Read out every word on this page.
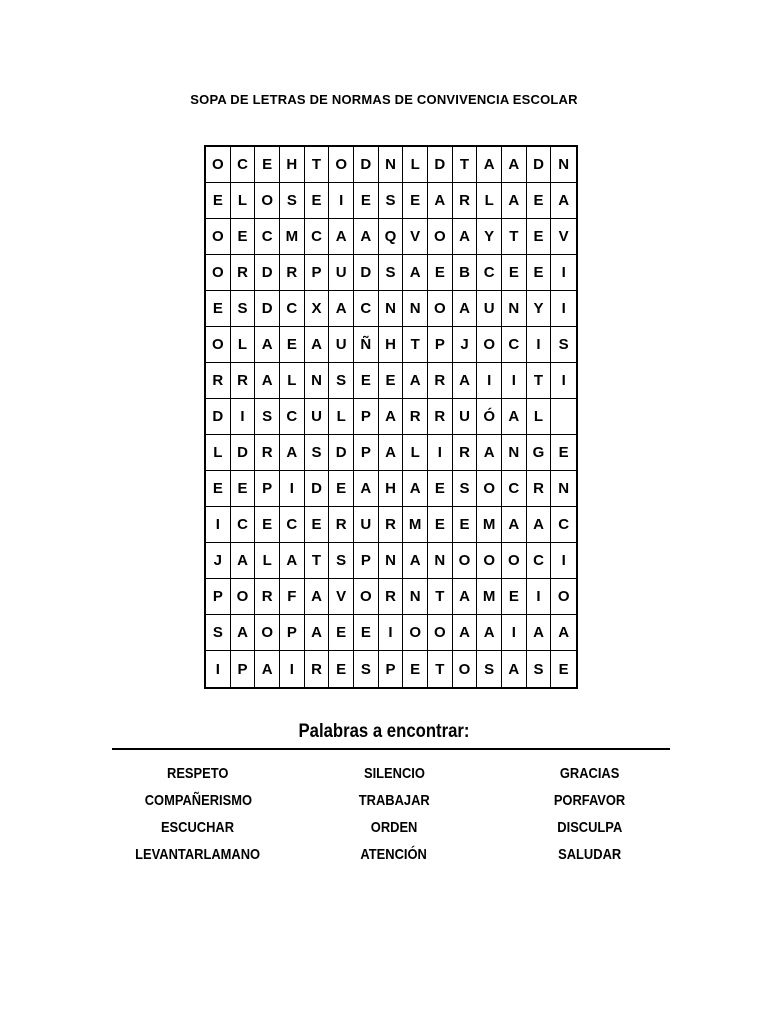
SOPA DE LETRAS DE NORMAS DE CONVIVENCIA ESCOLAR
O C E H T O D N L D T A A D N
E	L O S E	I	E S E A R L A E A
O E C M C A A Q V O A Y	T	E	V
O R D R P U D S A E B C E E	I
E S D C X A C N N O A U N Y	I
O L A E A U Ñ H T	P	J O C	I	S
R R A L N S E E A R A	I	I	T	I
D	I	S C U L	P A R R U Ó A L
L D R A S D P A L	I	R A N G E
E E P	I	D E A H A E S O C R N
I	C E C E R U R M E E M A A C
J	A L A T	S P N A N O O O C	I
P O R F A V O R N T A M E	I	O
S A O P A E E	I	O O A A	I	A A
I	P A	I	R E S P E	T O S A S	E
Palabras a encontrar:
RESPETO
COMPAÑERISMO
ESCUCHAR
LEVANTARLAMANO
SILENCIO
TRABAJAR
ORDEN
ATENCIÓN
GRACIAS
PORFAVOR
DISCULPA
SALUDAR
